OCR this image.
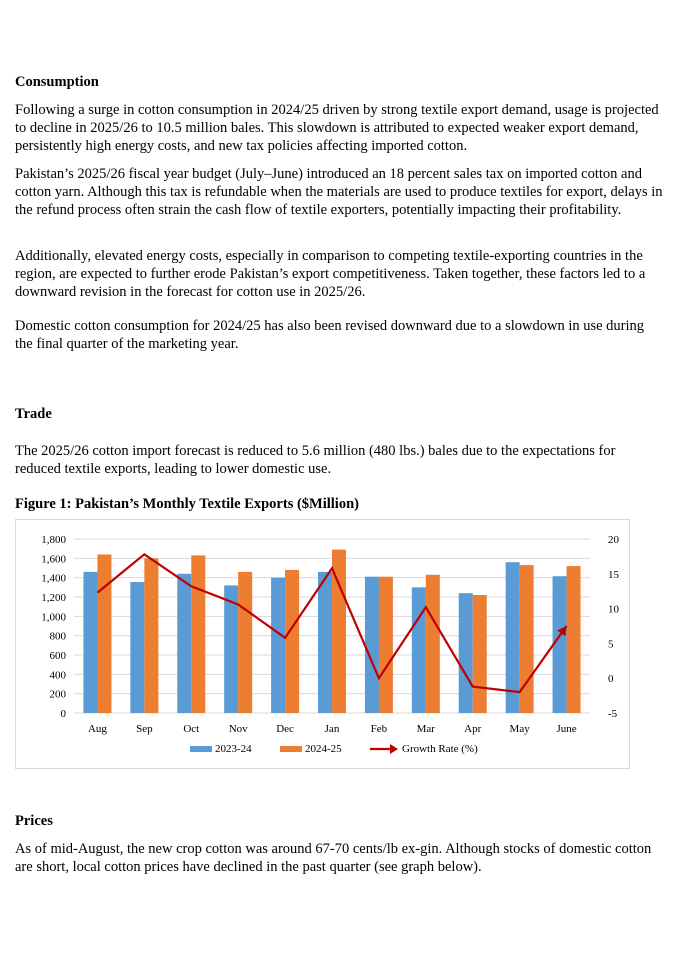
Consumption

Following a surge in cotton consumption in 2024/25 driven by strong textile export demand, usage is projected to decline in 2025/26 to 10.5 million bales. This slowdown is attributed to expected weaker export demand, persistently high energy costs, and new tax policies affecting imported cotton.

Pakistan’s 2025/26 fiscal year budget (July–June) introduced an 18 percent sales tax on imported cotton and cotton yarn. Although this tax is refundable when the materials are used to produce textiles for export, delays in the refund process often strain the cash flow of textile exporters, potentially impacting their profitability.

Additionally, elevated energy costs, especially in comparison to competing textile-exporting countries in the region, are expected to further erode Pakistan’s export competitiveness. Taken together, these factors led to a downward revision in the forecast for cotton use in 2025/26.

Domestic cotton consumption for 2024/25 has also been revised downward due to a slowdown in use during the final quarter of the marketing year.

Trade

The 2025/26 cotton import forecast is reduced to 5.6 million (480 lbs.) bales due to the expectations for reduced textile exports, leading to lower domestic use.

Figure 1: Pakistan’s Monthly Textile Exports ($Million)
0
200
400
600
800
1,000
1,200
1,400
1,600
1,800
-5
0
5
10
15
20
Aug	Sep	Oct	Nov	Dec	Jan	Feb	Mar	Apr	May June
2023-24	2024-25	Growth Rate (%)
Prices

As of mid-August, the new crop cotton was around 67-70 cents/lb ex-gin. Although stocks of domestic cotton are short, local cotton prices have declined in the past quarter (see graph below).
